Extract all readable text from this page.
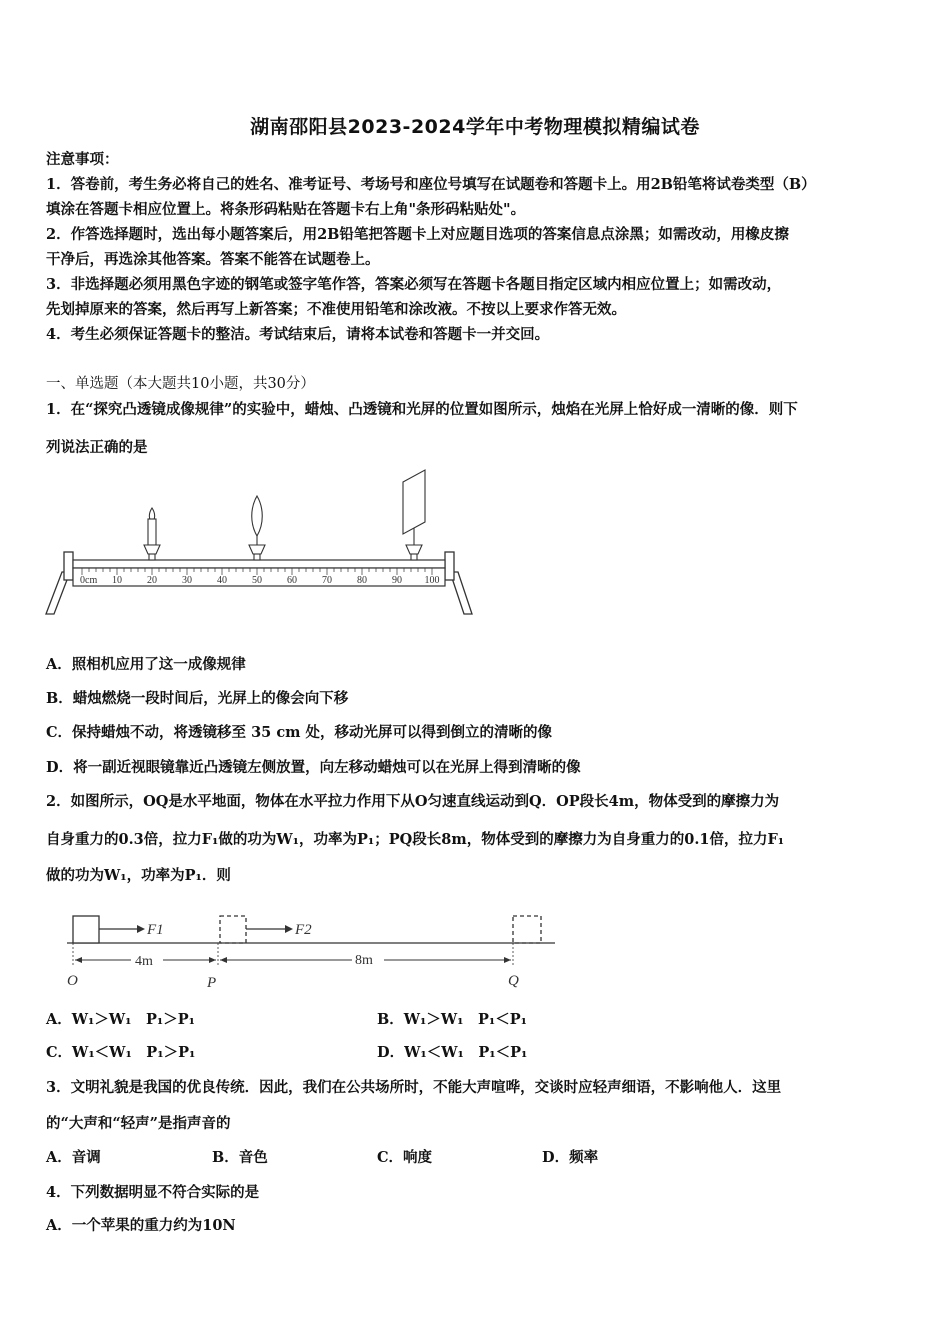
湖南邵阳县2023-2024学年中考物理模拟精编试卷
注意事项：
1．答卷前，考生务必将自己的姓名、准考证号、考场号和座位号填写在试题卷和答题卡上。用2B铅笔将试卷类型（B）
填涂在答题卡相应位置上。将条形码粘贴在答题卡右上角"条形码粘贴处"。
2．作答选择题时，选出每小题答案后，用2B铅笔把答题卡上对应题目选项的答案信息点涂黑；如需改动，用橡皮擦
干净后，再选涂其他答案。答案不能答在试题卷上。
3．非选择题必须用黑色字迹的钢笔或签字笔作答，答案必须写在答题卡各题目指定区域内相应位置上；如需改动，
先划掉原来的答案，然后再写上新答案；不准使用铅笔和涂改液。不按以上要求作答无效。
4．考生必须保证答题卡的整洁。考试结束后，请将本试卷和答题卡一并交回。
一、单选题（本大题共10小题，共30分）
1．在“探究凸透镜成像规律”的实验中，蜡烛、凸透镜和光屏的位置如图所示，烛焰在光屏上恰好成一清晰的像．则下
列说法正确的是
0cm 10	20	30	40	50	60	70	80	90 100
A．照相机应用了这一成像规律
B．蜡烛燃烧一段时间后，光屏上的像会向下移
C．保持蜡烛不动，将透镜移至 35 cm 处，移动光屏可以得到倒立的清晰的像
D．将一副近视眼镜靠近凸透镜左侧放置，向左移动蜡烛可以在光屏上得到清晰的像
2．如图所示，OQ是水平地面，物体在水平拉力作用下从O匀速直线运动到Q．OP段长4m，物体受到的摩擦力为
自身重力的0.3倍，拉力F₁做的功为W₁，功率为P₁；PQ段长8m，物体受到的摩擦力为自身重力的0.1倍，拉力F₁
做的功为W₁，功率为P₁．则
F1	F2
4m	8m
O	P	Q
A．W₁＞W₁　P₁＞P₁	B．W₁＞W₁　P₁＜P₁
C．W₁＜W₁　P₁＞P₁	D．W₁＜W₁　P₁＜P₁
3．文明礼貌是我国的优良传统．因此，我们在公共场所时，不能大声喧哗，交谈时应轻声细语，不影响他人．这里
的“大声和“轻声”是指声音的
A．音调	B．音色	C．响度	D．频率
4．下列数据明显不符合实际的是
A．一个苹果的重力约为10N
